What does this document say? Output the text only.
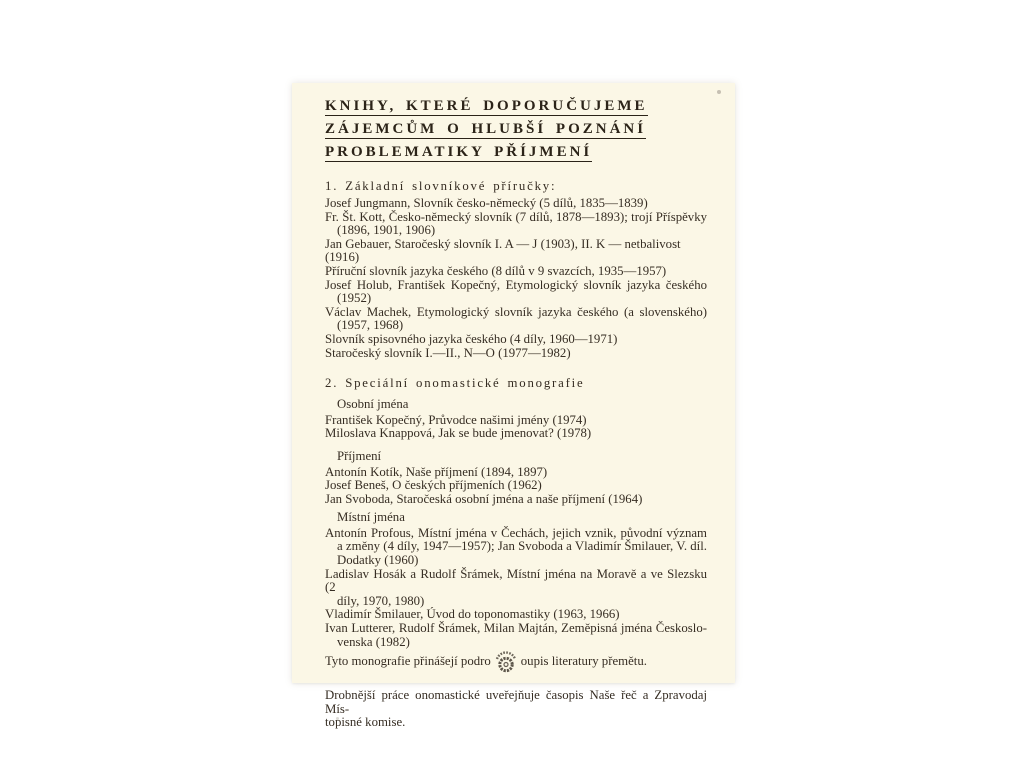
KNIHY, KTERÉ DOPORUČUJEME
ZÁJEMCŮM O HLUBŠÍ POZNÁNÍ
PROBLEMATIKY PŘÍJMENÍ
1. Základní slovníkové příručky:
Josef Jungmann, Slovník česko-německý (5 dílů, 1835—1839)
Fr. Št. Kott, Česko-německý slovník (7 dílů, 1878—1893); trojí Příspěvky
(1896, 1901, 1906)
Jan Gebauer, Staročeský slovník I. A — J (1903), II. K — netbalivost (1916)
Příruční slovník jazyka českého (8 dílů v 9 svazcích, 1935—1957)
Josef Holub, František Kopečný, Etymologický slovník jazyka českého
(1952)
Václav Machek, Etymologický slovník jazyka českého (a slovenského)
(1957, 1968)
Slovník spisovného jazyka českého (4 díly, 1960—1971)
Staročeský slovník I.—II., N—O (1977—1982)
2. Speciální onomastické monografie
Osobní jména
František Kopečný, Průvodce našimi jmény (1974)
Miloslava Knappová, Jak se bude jmenovat? (1978)
Příjmení
Antonín Kotík, Naše příjmení (1894, 1897)
Josef Beneš, O českých příjmeních (1962)
Jan Svoboda, Staročeská osobní jména a naše příjmení (1964)
Místní jména
Antonín Profous, Místní jména v Čechách, jejich vznik, původní význam
a změny (4 díly, 1947—1957); Jan Svoboda a Vladimír Šmilauer, V. díl.
Dodatky (1960)
Ladislav Hosák a Rudolf Šrámek, Místní jména na Moravě a ve Slezsku (2
díly, 1970, 1980)
Vladimír Šmilauer, Úvod do toponomastiky (1963, 1966)
Ivan Lutterer, Rudolf Šrámek, Milan Majtán, Zeměpisná jména Českoslo-
venska (1982)
Tyto monografie přinášejí podro oupis literatury přemětu.
Drobnější práce onomastické uveřejňuje časopis Naše řeč a Zpravodaj Mís-
topisné komise.
